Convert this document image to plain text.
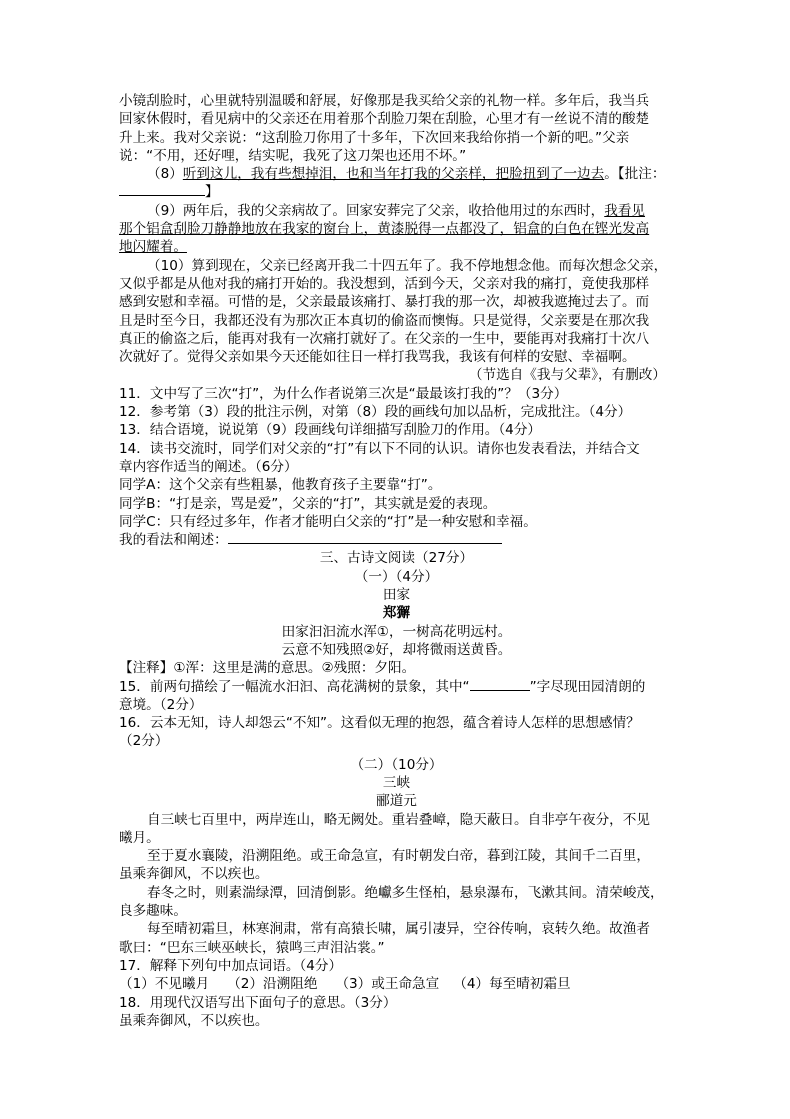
小镜刮脸时，心里就特别温暖和舒展，好像那是我买给父亲的礼物一样。多年后，我当兵
回家休假时，看见病中的父亲还在用着那个刮脸刀架在刮脸，心里才有一丝说不清的酸楚
升上来。我对父亲说：“这刮脸刀你用了十多年，下次回来我给你捎一个新的吧。”父亲
说：“不用，还好哩，结实呢，我死了这刀架也还用不坏。”
（8）听到这儿，我有些想掉泪，也和当年打我的父亲样，把脸扭到了一边去。【批注：
】
（9）两年后，我的父亲病故了。回家安葬完了父亲，收拾他用过的东西时，我看见
那个铝盒刮脸刀静静地放在我家的窗台上，黄漆脱得一点都没了，铝盒的白色在铿光发高
地闪耀着。
（10）算到现在，父亲已经离开我二十四五年了。我不停地想念他。而每次想念父亲，
又似乎都是从他对我的痛打开始的。我没想到，活到今天，父亲对我的痛打，竟使我那样
感到安慰和幸福。可惜的是，父亲最最该痛打、暴打我的那一次，却被我遮掩过去了。而
且是时至今日，我都还没有为那次正本真切的偷盗而懊悔。只是觉得，父亲要是在那次我
真正的偷盗之后，能再对我有一次痛打就好了。在父亲的一生中，要能再对我痛打十次八
次就好了。觉得父亲如果今天还能如往日一样打我骂我，我该有何样的安慰、幸福啊。
（节选自《我与父辈》，有删改）
11．文中写了三次“打”，为什么作者说第三次是“最最该打我的”？（3分）
12．参考第（3）段的批注示例，对第（8）段的画线句加以品析，完成批注。（4分）
13．结合语境，说说第（9）段画线句详细描写刮脸刀的作用。（4分）
14．读书交流时，同学们对父亲的“打”有以下不同的认识。请你也发表看法，并结合文
章内容作适当的阐述。（6分）
同学A：这个父亲有些粗暴，他教育孩子主要靠“打”。
同学B：“打是亲，骂是爱”，父亲的“打”，其实就是爱的表现。
同学C：只有经过多年，作者才能明白父亲的“打”是一种安慰和幸福。
我的看法和阐述：
三、古诗文阅读（27分）
（一）（4分）
田家
郑獬
田家汩汩流水浑①，一树高花明远村。
云意不知残照②好，却将微雨送黄昏。
【注释】①浑：这里是满的意思。②残照：夕阳。
15．前两句描绘了一幅流水汩汩、高花满树的景象，其中“	”字尽现田园清朗的
意境。（2分）
16．云本无知，诗人却怨云“不知”。这看似无理的抱怨，蕴含着诗人怎样的思想感情？
（2分）
（二）（10分）
三峡
郦道元
自三峡七百里中，两岸连山，略无阙处。重岩叠嶂，隐天蔽日。自非亭午夜分，不见
曦月。
至于夏水襄陵，沿溯阻绝。或王命急宣，有时朝发白帝，暮到江陵，其间千二百里，
虽乘奔御风，不以疾也。
春冬之时，则素湍绿潭，回清倒影。绝巘多生怪柏，悬泉瀑布，飞漱其间。清荣峻茂，
良多趣味。
每至晴初霜旦，林寒涧肃，常有高猿长啸，属引凄异，空谷传响，哀转久绝。故渔者
歌曰：“巴东三峡巫峡长，猿鸣三声泪沾裳。”
17．解释下列句中加点词语。（4分）
（1）不见曦月 （2）沿溯阻绝 （3）或王命急宣 （4）每至晴初霜旦
18．用现代汉语写出下面句子的意思。（3分）
虽乘奔御风，不以疾也。
